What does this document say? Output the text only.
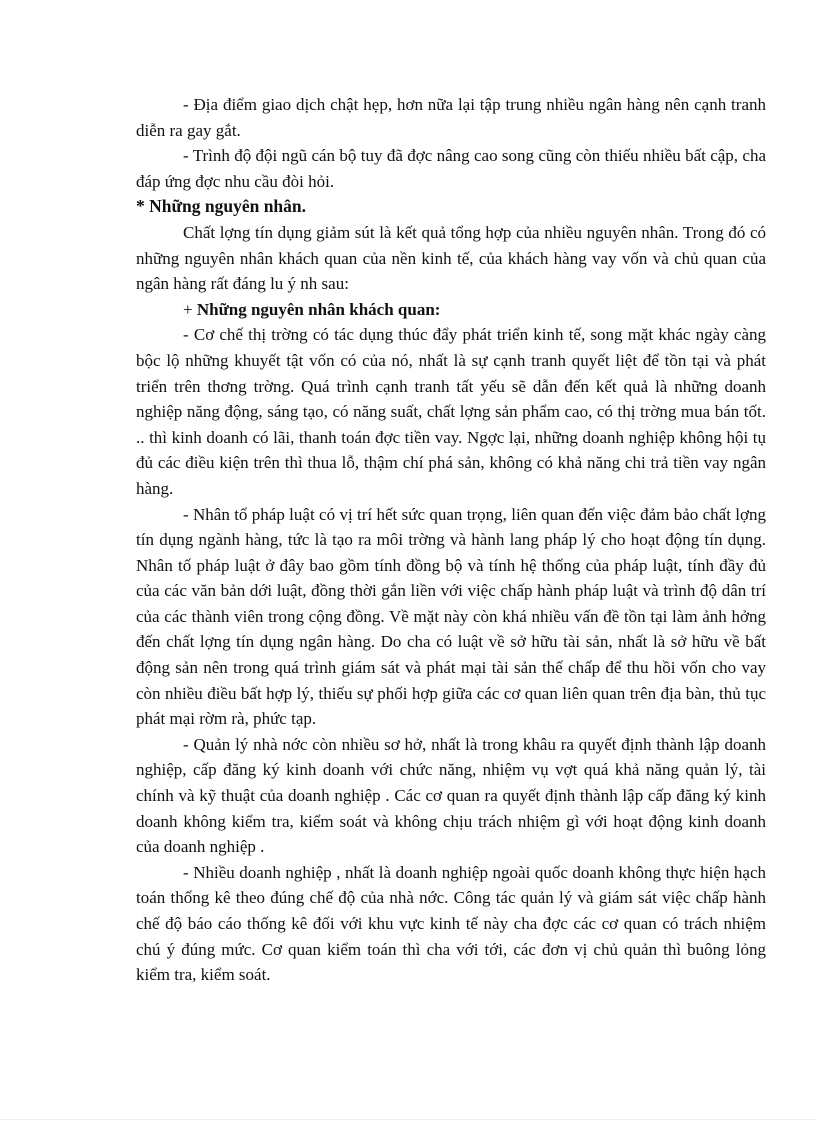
- Địa điểm giao dịch chật hẹp, hơn nữa lại tập trung nhiều ngân hàng nên cạnh tranh diễn ra gay gắt.

- Trình độ đội ngũ cán bộ tuy đã đợc nâng cao song cũng còn thiếu nhiều bất cập, cha đáp ứng đợc nhu cầu đòi hỏi.

* Những nguyên nhân.

Chất lợng tín dụng giảm sút là kết quả tổng hợp của nhiều nguyên nhân. Trong đó có những nguyên nhân khách quan của nền kinh tế, của khách hàng vay vốn và chủ quan của ngân hàng rất đáng lu ý nh sau:

+ Những nguyên nhân khách quan:

- Cơ chế thị trờng có tác dụng thúc đẩy phát triển kinh tế, song mặt khác ngày càng bộc lộ những khuyết tật vốn có của nó, nhất là sự cạnh tranh quyết liệt để tồn tại và phát triển trên thơng trờng. Quá trình cạnh tranh tất yếu sẽ dẫn đến kết quả là những doanh nghiệp năng động, sáng tạo, có năng suất, chất lợng sản phẩm cao, có thị trờng mua bán tốt. .. thì kinh doanh có lãi, thanh toán đợc tiền vay. Ngợc lại, những doanh nghiệp không hội tụ đủ các điều kiện trên thì thua lỗ, thậm chí phá sản, không có khả năng chi trả tiền vay ngân hàng.

- Nhân tố pháp luật có vị trí hết sức quan trọng, liên quan đến việc đảm bảo chất lợng tín dụng ngành hàng, tức là tạo ra môi trờng và hành lang pháp lý cho hoạt động tín dụng. Nhân tố pháp luật ở đây bao gồm tính đồng bộ và tính hệ thống của pháp luật, tính đầy đủ của các văn bản dới luật, đồng thời gắn liền với việc chấp hành pháp luật và trình độ dân trí của các thành viên trong cộng đồng. Về mặt này còn khá nhiều vấn đề tồn tại làm ảnh hởng đến chất lợng tín dụng ngân hàng. Do cha có luật về sở hữu tài sản, nhất là sở hữu về bất động sản nên trong quá trình giám sát và phát mại tài sản thế chấp để thu hồi vốn cho vay còn nhiều điều bất hợp lý, thiếu sự phối hợp giữa các cơ quan liên quan trên địa bàn, thủ tục phát mại rờm rà, phức tạp.

- Quản lý nhà nớc còn nhiều sơ hở, nhất là trong khâu ra quyết định thành lập doanh nghiệp, cấp đăng ký kinh doanh với chức năng, nhiệm vụ vợt quá khả năng quản lý, tài chính và kỹ thuật của doanh nghiệp . Các cơ quan ra quyết định thành lập cấp đăng ký kinh doanh không kiểm tra, kiểm soát và không chịu trách nhiệm gì với hoạt động kinh doanh của doanh nghiệp .

- Nhiều doanh nghiệp , nhất là doanh nghiệp ngoài quốc doanh không thực hiện hạch toán thống kê theo đúng chế độ của nhà nớc. Công tác quản lý và giám sát việc chấp hành chế độ báo cáo thống kê đối với khu vực kinh tế này cha đợc các cơ quan có trách nhiệm chú ý đúng mức. Cơ quan kiểm toán thì cha với tới, các đơn vị chủ quản thì buông lỏng kiểm tra, kiểm soát.
